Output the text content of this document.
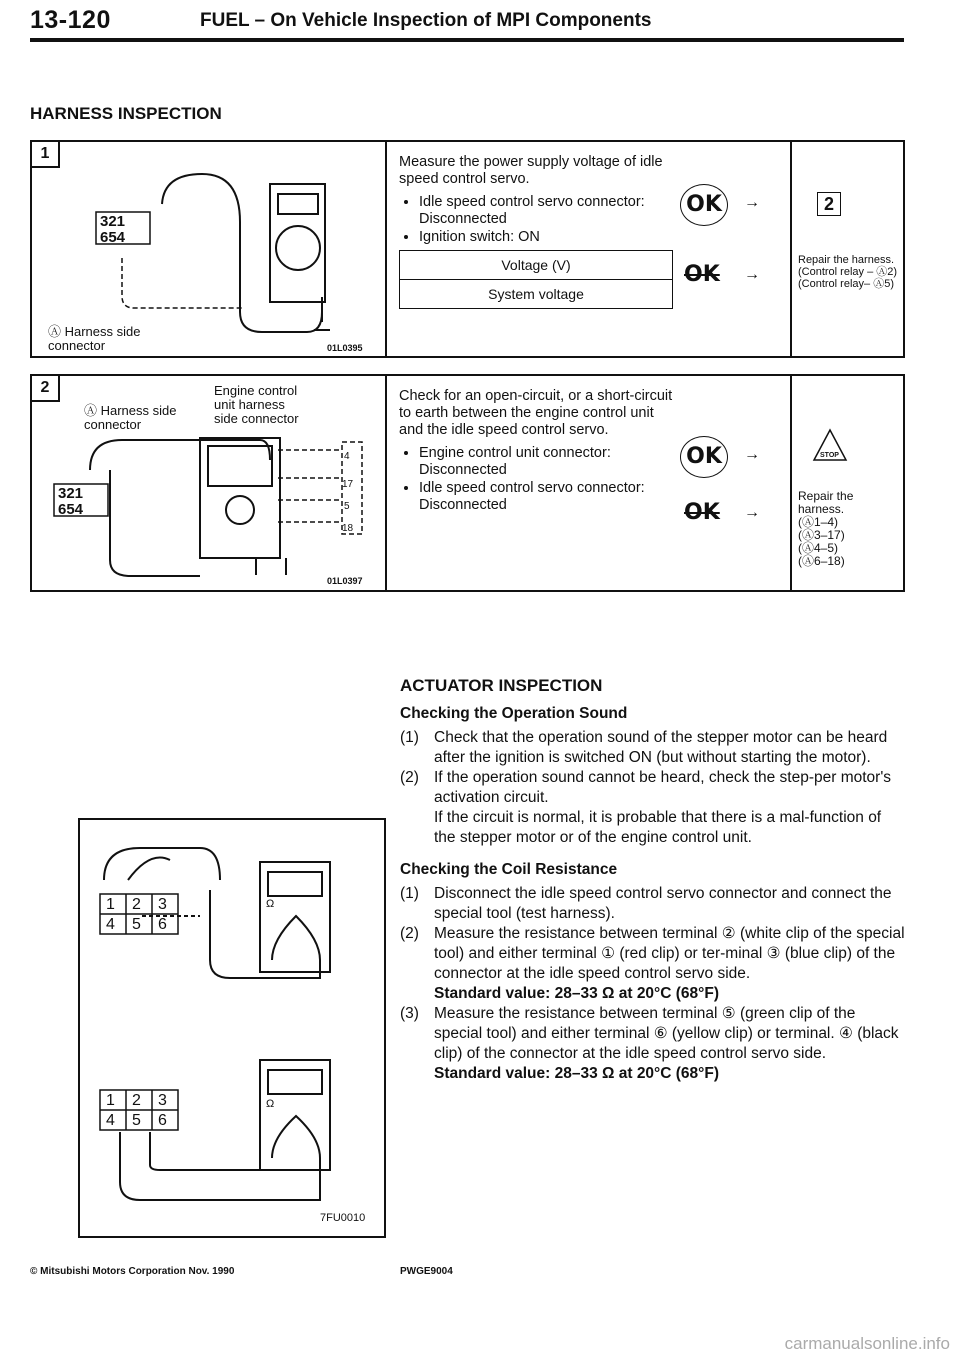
13-120	FUEL – On Vehicle Inspection of MPI Components
HARNESS INSPECTION
1
321
654
Ⓐ Harness side
connector	01L0395
Measure the power supply voltage of idle speed control servo.
• Idle speed control servo connector: Disconnected
• Ignition switch: ON
Voltage (V)
System voltage
OK	→	2
OK →
Repair the harness. (Control relay – Ⓐ2) (Control relay– Ⓐ5)
2
Ⓐ Harness side
connector
Engine control
unit harness
side connector
321
654
4
17
5
18
01L0397
Check for an open-circuit, or a short-circuit to earth between the engine control unit and the idle speed control servo.
• Engine control unit connector: Disconnected
• Idle speed control servo connector: Disconnected
OK	→	STOP
OK →
Repair the harness.
(Ⓐ1–4)
(Ⓐ3–17)
(Ⓐ4–5)
(Ⓐ6–18)
1 2 3
4 5 6
1 2 3
4 5 6
Ω
Ω
7FU0010

ACTUATOR INSPECTION

Checking the Operation Sound

(1) Check that the operation sound of the stepper motor can be heard after the ignition is switched ON (but without starting the motor).
(2) If the operation sound cannot be heard, check the step-per motor's activation circuit.
If the circuit is normal, it is probable that there is a mal-function of the stepper motor or of the engine control unit.

Checking the Coil Resistance

(1) Disconnect the idle speed control servo connector and connect the special tool (test harness).
(2) Measure the resistance between terminal ② (white clip of the special tool) and either terminal ① (red clip) or ter-minal ③ (blue clip) of the connector at the idle speed control servo side.

Standard value: 28–33 Ω at 20°C (68°F)

(3) Measure the resistance between terminal ⑤ (green clip of the special tool) and either terminal ⑥ (yellow clip) or terminal. ④ (black clip) of the connector at the idle speed control servo side.

Standard value: 28–33 Ω at 20°C (68°F)

© Mitsubishi Motors Corporation Nov. 1990	PWGE9004
carmanualsonline.info
